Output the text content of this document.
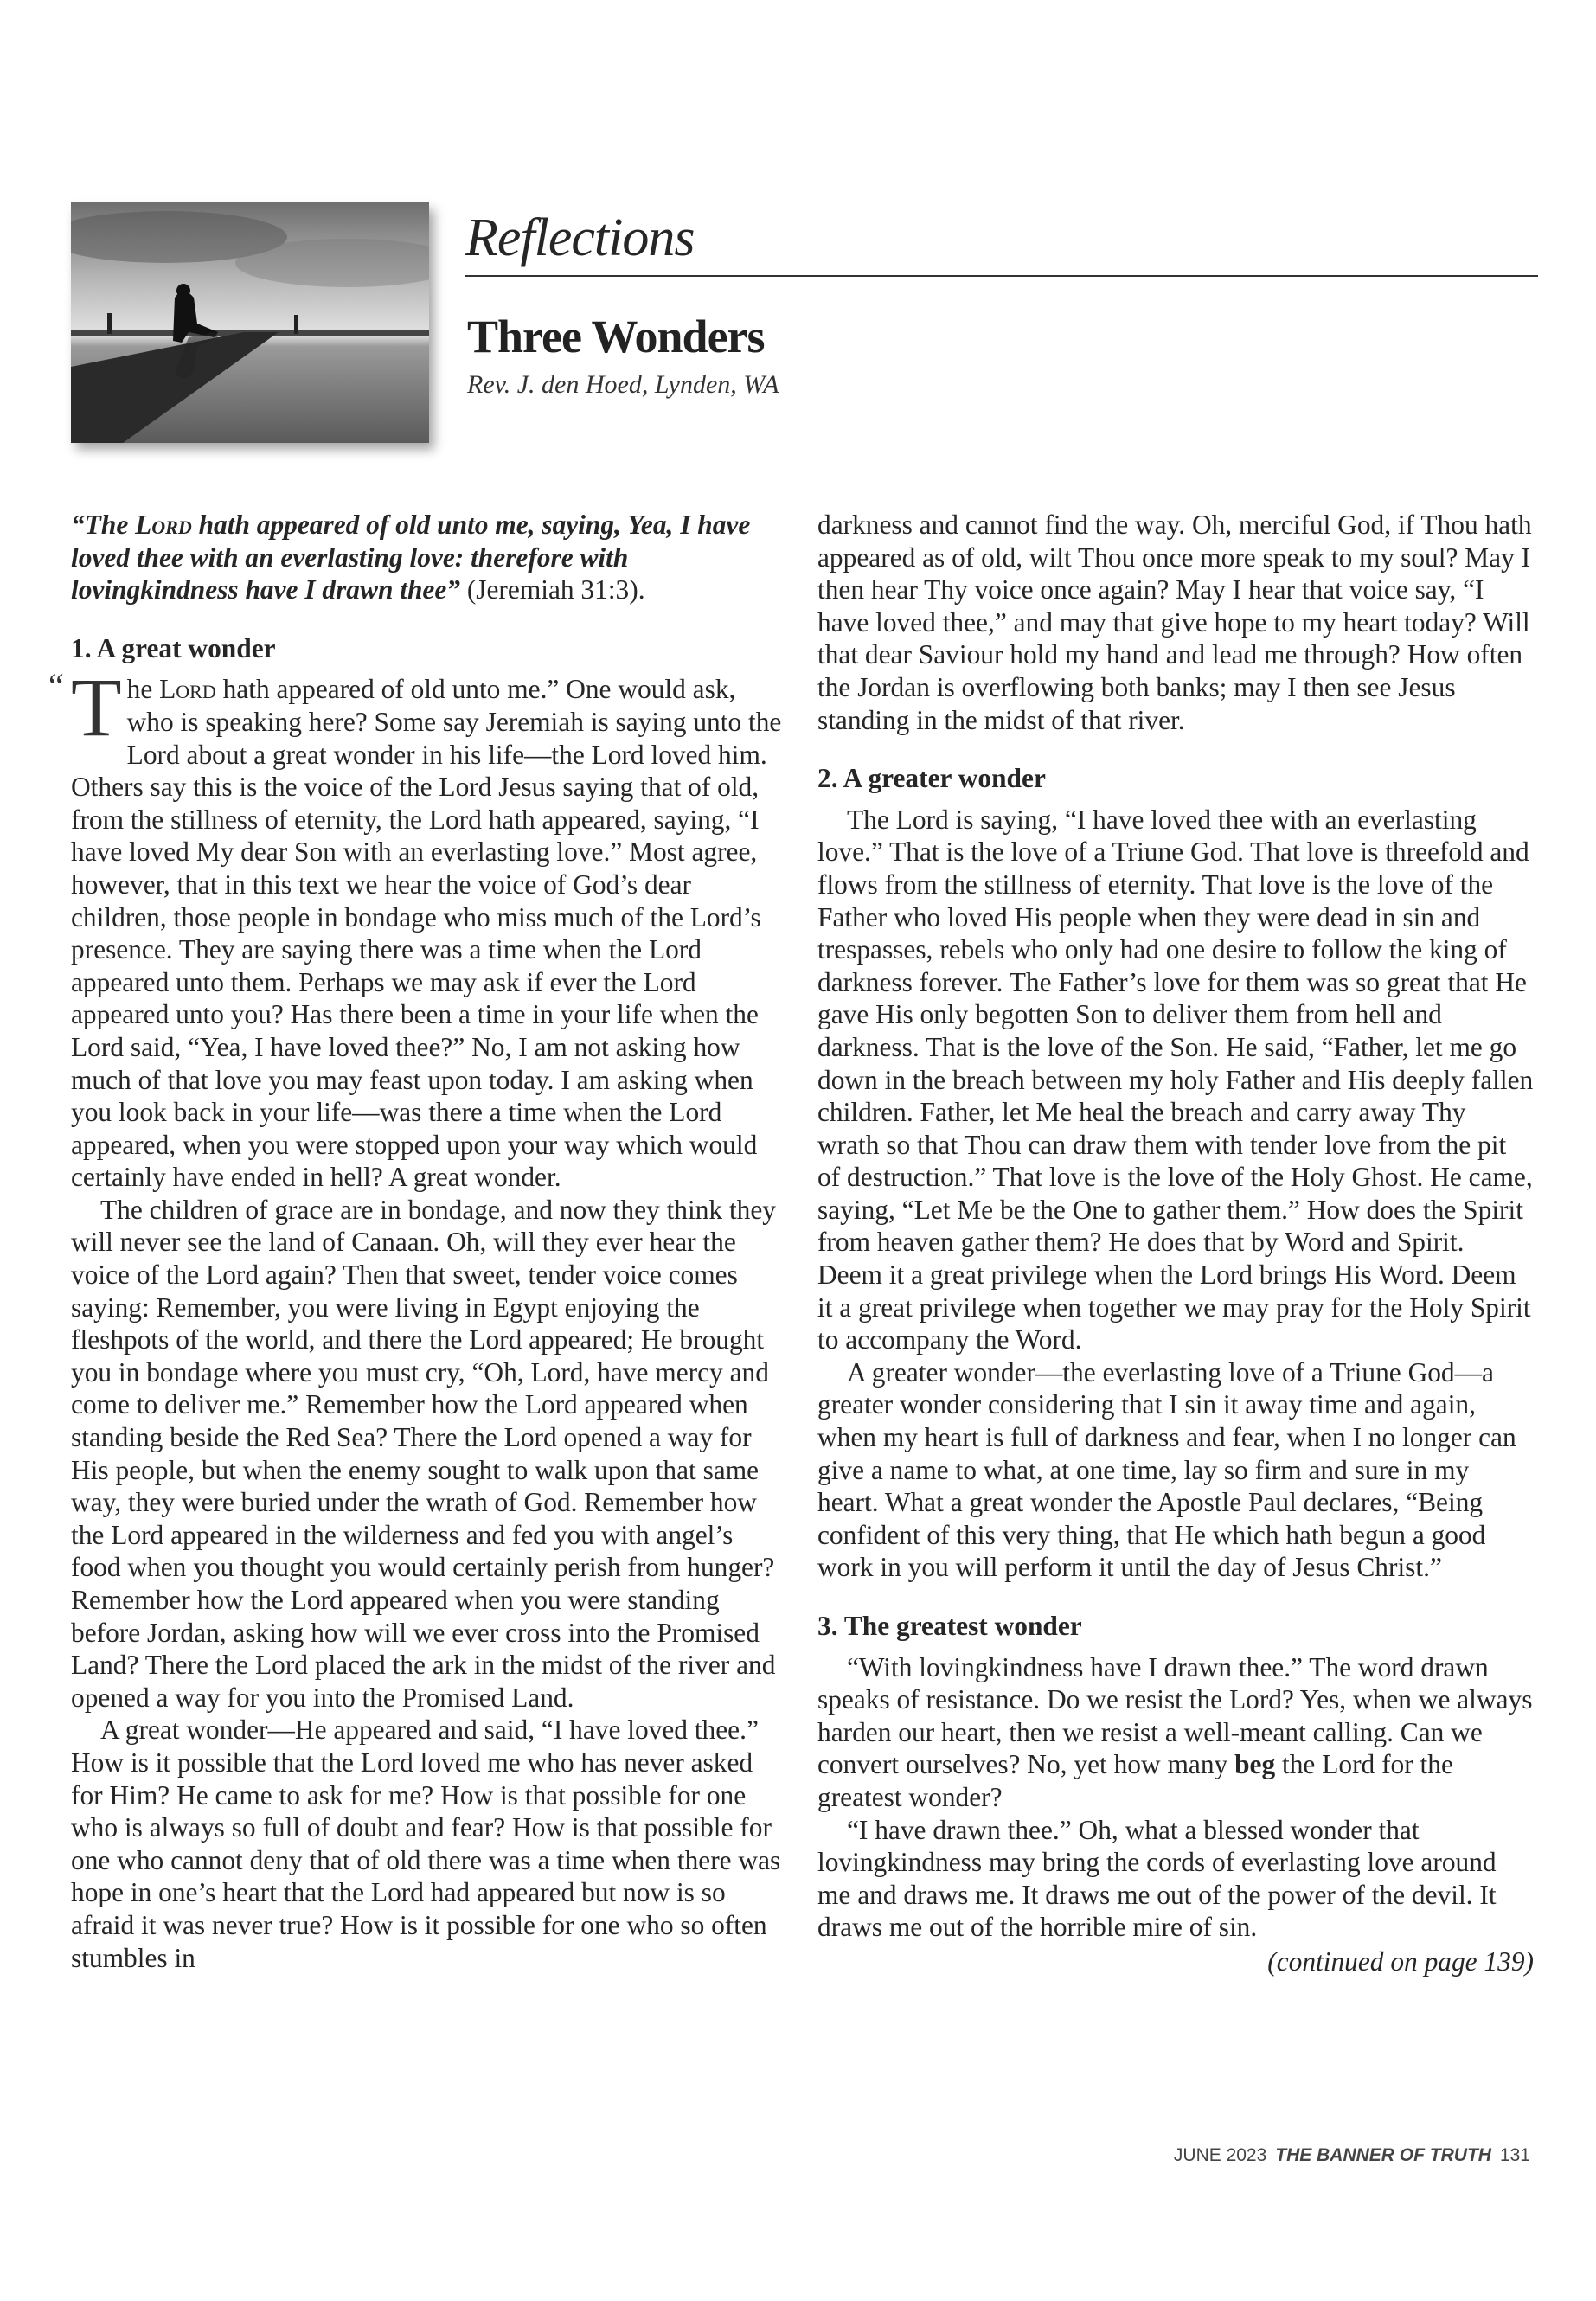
Reflections
Three Wonders
Rev. J. den Hoed, Lynden, WA

“The Lord hath appeared of old unto me, saying, Yea, I have loved thee with an everlasting love: therefore with lovingkindness have I drawn thee” (Jeremiah 31:3).

1. A great wonder

“ T he Lord hath appeared of old unto me.” One would ask, who is speaking here? Some say Jeremiah is saying unto the Lord about a great wonder in his life—the Lord loved him. Others say this is the voice of the Lord Jesus saying that of old, from the stillness of eternity, the Lord hath appeared, saying, “I have loved My dear Son with an everlasting love.” Most agree, however, that in this text we hear the voice of God’s dear children, those people in bondage who miss much of the Lord’s presence. They are saying there was a time when the Lord appeared unto them. Perhaps we may ask if ever the Lord appeared unto you? Has there been a time in your life when the Lord said, “Yea, I have loved thee?” No, I am not asking how much of that love you may feast upon today. I am asking when you look back in your life—was there a time when the Lord appeared, when you were stopped upon your way which would certainly have ended in hell? A great wonder.

The children of grace are in bondage, and now they think they will never see the land of Canaan. Oh, will they ever hear the voice of the Lord again? Then that sweet, tender voice comes saying: Remember, you were living in Egypt enjoying the fleshpots of the world, and there the Lord appeared; He brought you in bondage where you must cry, “Oh, Lord, have mercy and come to deliver me.” Remember how the Lord appeared when standing beside the Red Sea? There the Lord opened a way for His people, but when the enemy sought to walk upon that same way, they were buried under the wrath of God. Remember how the Lord appeared in the wilderness and fed you with angel’s food when you thought you would certainly perish from hunger? Remember how the Lord appeared when you were standing before Jordan, asking how will we ever cross into the Promised Land? There the Lord placed the ark in the midst of the river and opened a way for you into the Promised Land.

A great wonder—He appeared and said, “I have loved thee.” How is it possible that the Lord loved me who has never asked for Him? He came to ask for me? How is that possible for one who is always so full of doubt and fear? How is that possible for one who cannot deny that of old there was a time when there was hope in one’s heart that the Lord had appeared but now is so afraid it was never true? How is it possible for one who so often stumbles in

darkness and cannot find the way. Oh, merciful God, if Thou hath appeared as of old, wilt Thou once more speak to my soul? May I then hear Thy voice once again? May I hear that voice say, “I have loved thee,” and may that give hope to my heart today? Will that dear Saviour hold my hand and lead me through? How often the Jordan is overflowing both banks; may I then see Jesus standing in the midst of that river.

2. A greater wonder

The Lord is saying, “I have loved thee with an everlasting love.” That is the love of a Triune God. That love is threefold and flows from the stillness of eternity. That love is the love of the Father who loved His people when they were dead in sin and trespasses, rebels who only had one desire to follow the king of darkness forever. The Father’s love for them was so great that He gave His only begotten Son to deliver them from hell and darkness. That is the love of the Son. He said, “Father, let me go down in the breach between my holy Father and His deeply fallen children. Father, let Me heal the breach and carry away Thy wrath so that Thou can draw them with tender love from the pit of destruction.” That love is the love of the Holy Ghost. He came, saying, “Let Me be the One to gather them.” How does the Spirit from heaven gather them? He does that by Word and Spirit. Deem it a great privilege when the Lord brings His Word. Deem it a great privilege when together we may pray for the Holy Spirit to accompany the Word.

A greater wonder—the everlasting love of a Triune God—a greater wonder considering that I sin it away time and again, when my heart is full of darkness and fear, when I no longer can give a name to what, at one time, lay so firm and sure in my heart. What a great wonder the Apostle Paul declares, “Being confident of this very thing, that He which hath begun a good work in you will perform it until the day of Jesus Christ.”

3. The greatest wonder

“With lovingkindness have I drawn thee.” The word drawn speaks of resistance. Do we resist the Lord? Yes, when we always harden our heart, then we resist a well-meant calling. Can we convert ourselves? No, yet how many beg the Lord for the greatest wonder?

“I have drawn thee.” Oh, what a blessed wonder that lovingkindness may bring the cords of everlasting love around me and draws me. It draws me out of the power of the devil. It draws me out of the horrible mire of sin.

(continued on page 139)
JUNE 2023 THE BANNER OF TRUTH 131
